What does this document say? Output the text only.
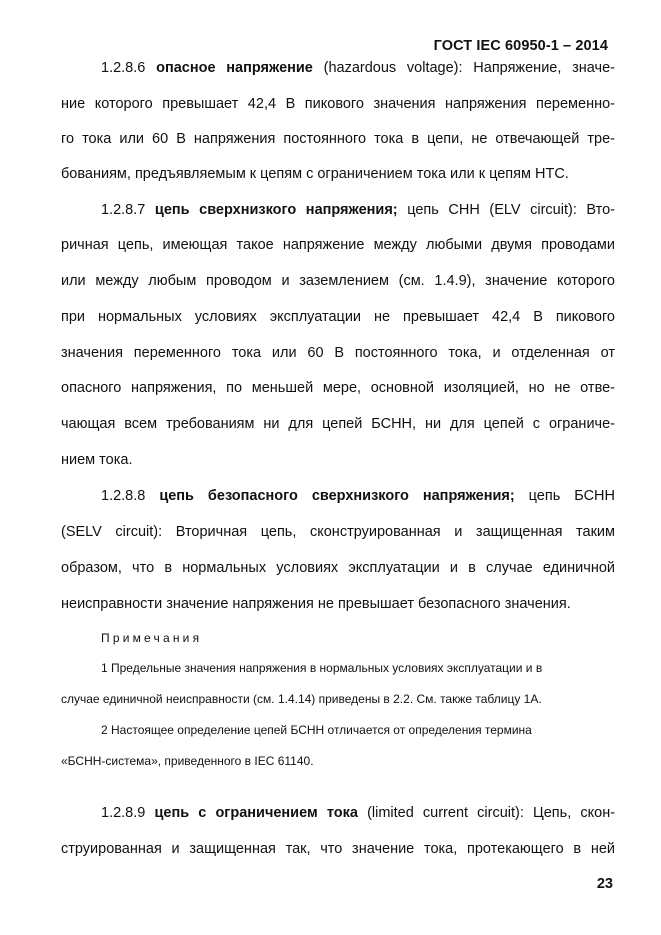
ГОСТ IEC 60950-1 – 2014
1.2.8.6 опасное напряжение (hazardous voltage): Напряжение, значе-
ние которого превышает 42,4 В пикового значения напряжения переменно-
го тока или 60 В напряжения постоянного тока в цепи, не отвечающей тре-
бованиям, предъявляемым к цепям с ограничением тока или к цепям НТС.
1.2.8.7 цепь сверхнизкого напряжения; цепь СНН (ELV circuit): Вто-
ричная цепь, имеющая такое напряжение между любыми двумя проводами
или между любым проводом и заземлением (см. 1.4.9), значение которого
при нормальных условиях эксплуатации не превышает 42,4 В пикового
значения переменного тока или 60 В постоянного тока, и отделенная от
опасного напряжения, по меньшей мере, основной изоляцией, но не отве-
чающая всем требованиям ни для цепей БСНН, ни для цепей с ограниче-
нием тока.
1.2.8.8 цепь безопасного сверхнизкого напряжения; цепь БСНН
(SELV circuit): Вторичная цепь, сконструированная и защищенная таким
образом, что в нормальных условиях эксплуатации и в случае единичной
неисправности значение напряжения не превышает безопасного значения.
Примечания
1 Предельные значения напряжения в нормальных условиях эксплуатации и в
случае единичной неисправности (см. 1.4.14) приведены в 2.2. См. также таблицу 1А.
2 Настоящее определение цепей БСНН отличается от определения термина
«БСНН-система», приведенного в IEC 61140.
1.2.8.9 цепь с ограничением тока (limited current circuit): Цепь, скон-
струированная и защищенная так, что значение тока, протекающего в ней
23
